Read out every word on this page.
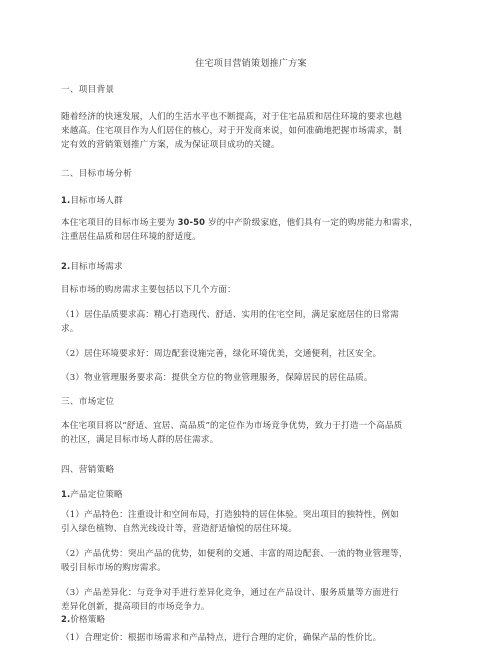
住宅项目营销策划推广方案
一、项目背景
随着经济的快速发展，人们的生活水平也不断提高，对于住宅品质和居住环境的要求也越
来越高。住宅项目作为人们居住的核心，对于开发商来说，如何准确地把握市场需求，制
定有效的营销策划推广方案，成为保证项目成功的关键。
二、目标市场分析
1.目标市场人群
本住宅项目的目标市场主要为 30-50 岁的中产阶级家庭，他们具有一定的购房能力和需求，
注重居住品质和居住环境的舒适度。
2.目标市场需求
目标市场的购房需求主要包括以下几个方面：
（1）居住品质要求高：精心打造现代、舒适、实用的住宅空间，满足家庭居住的日常需
求。
（2）居住环境要求好：周边配套设施完善，绿化环境优美，交通便利，社区安全。
（3）物业管理服务要求高：提供全方位的物业管理服务，保障居民的居住品质。
三、市场定位
本住宅项目将以“舒适、宜居、高品质”的定位作为市场竞争优势，致力于打造一个高品质
的社区，满足目标市场人群的居住需求。
四、营销策略
1.产品定位策略
（1）产品特色：注重设计和空间布局，打造独特的居住体验。突出项目的独特性，例如
引入绿色植物、自然光线设计等，营造舒适愉悦的居住环境。
（2）产品优势：突出产品的优势，如便利的交通、丰富的周边配套、一流的物业管理等，
吸引目标市场的购房需求。
（3）产品差异化：与竞争对手进行差异化竞争，通过在产品设计、服务质量等方面进行
差异化创新，提高项目的市场竞争力。
2.价格策略
（1）合理定价：根据市场需求和产品特点，进行合理的定价，确保产品的性价比。
